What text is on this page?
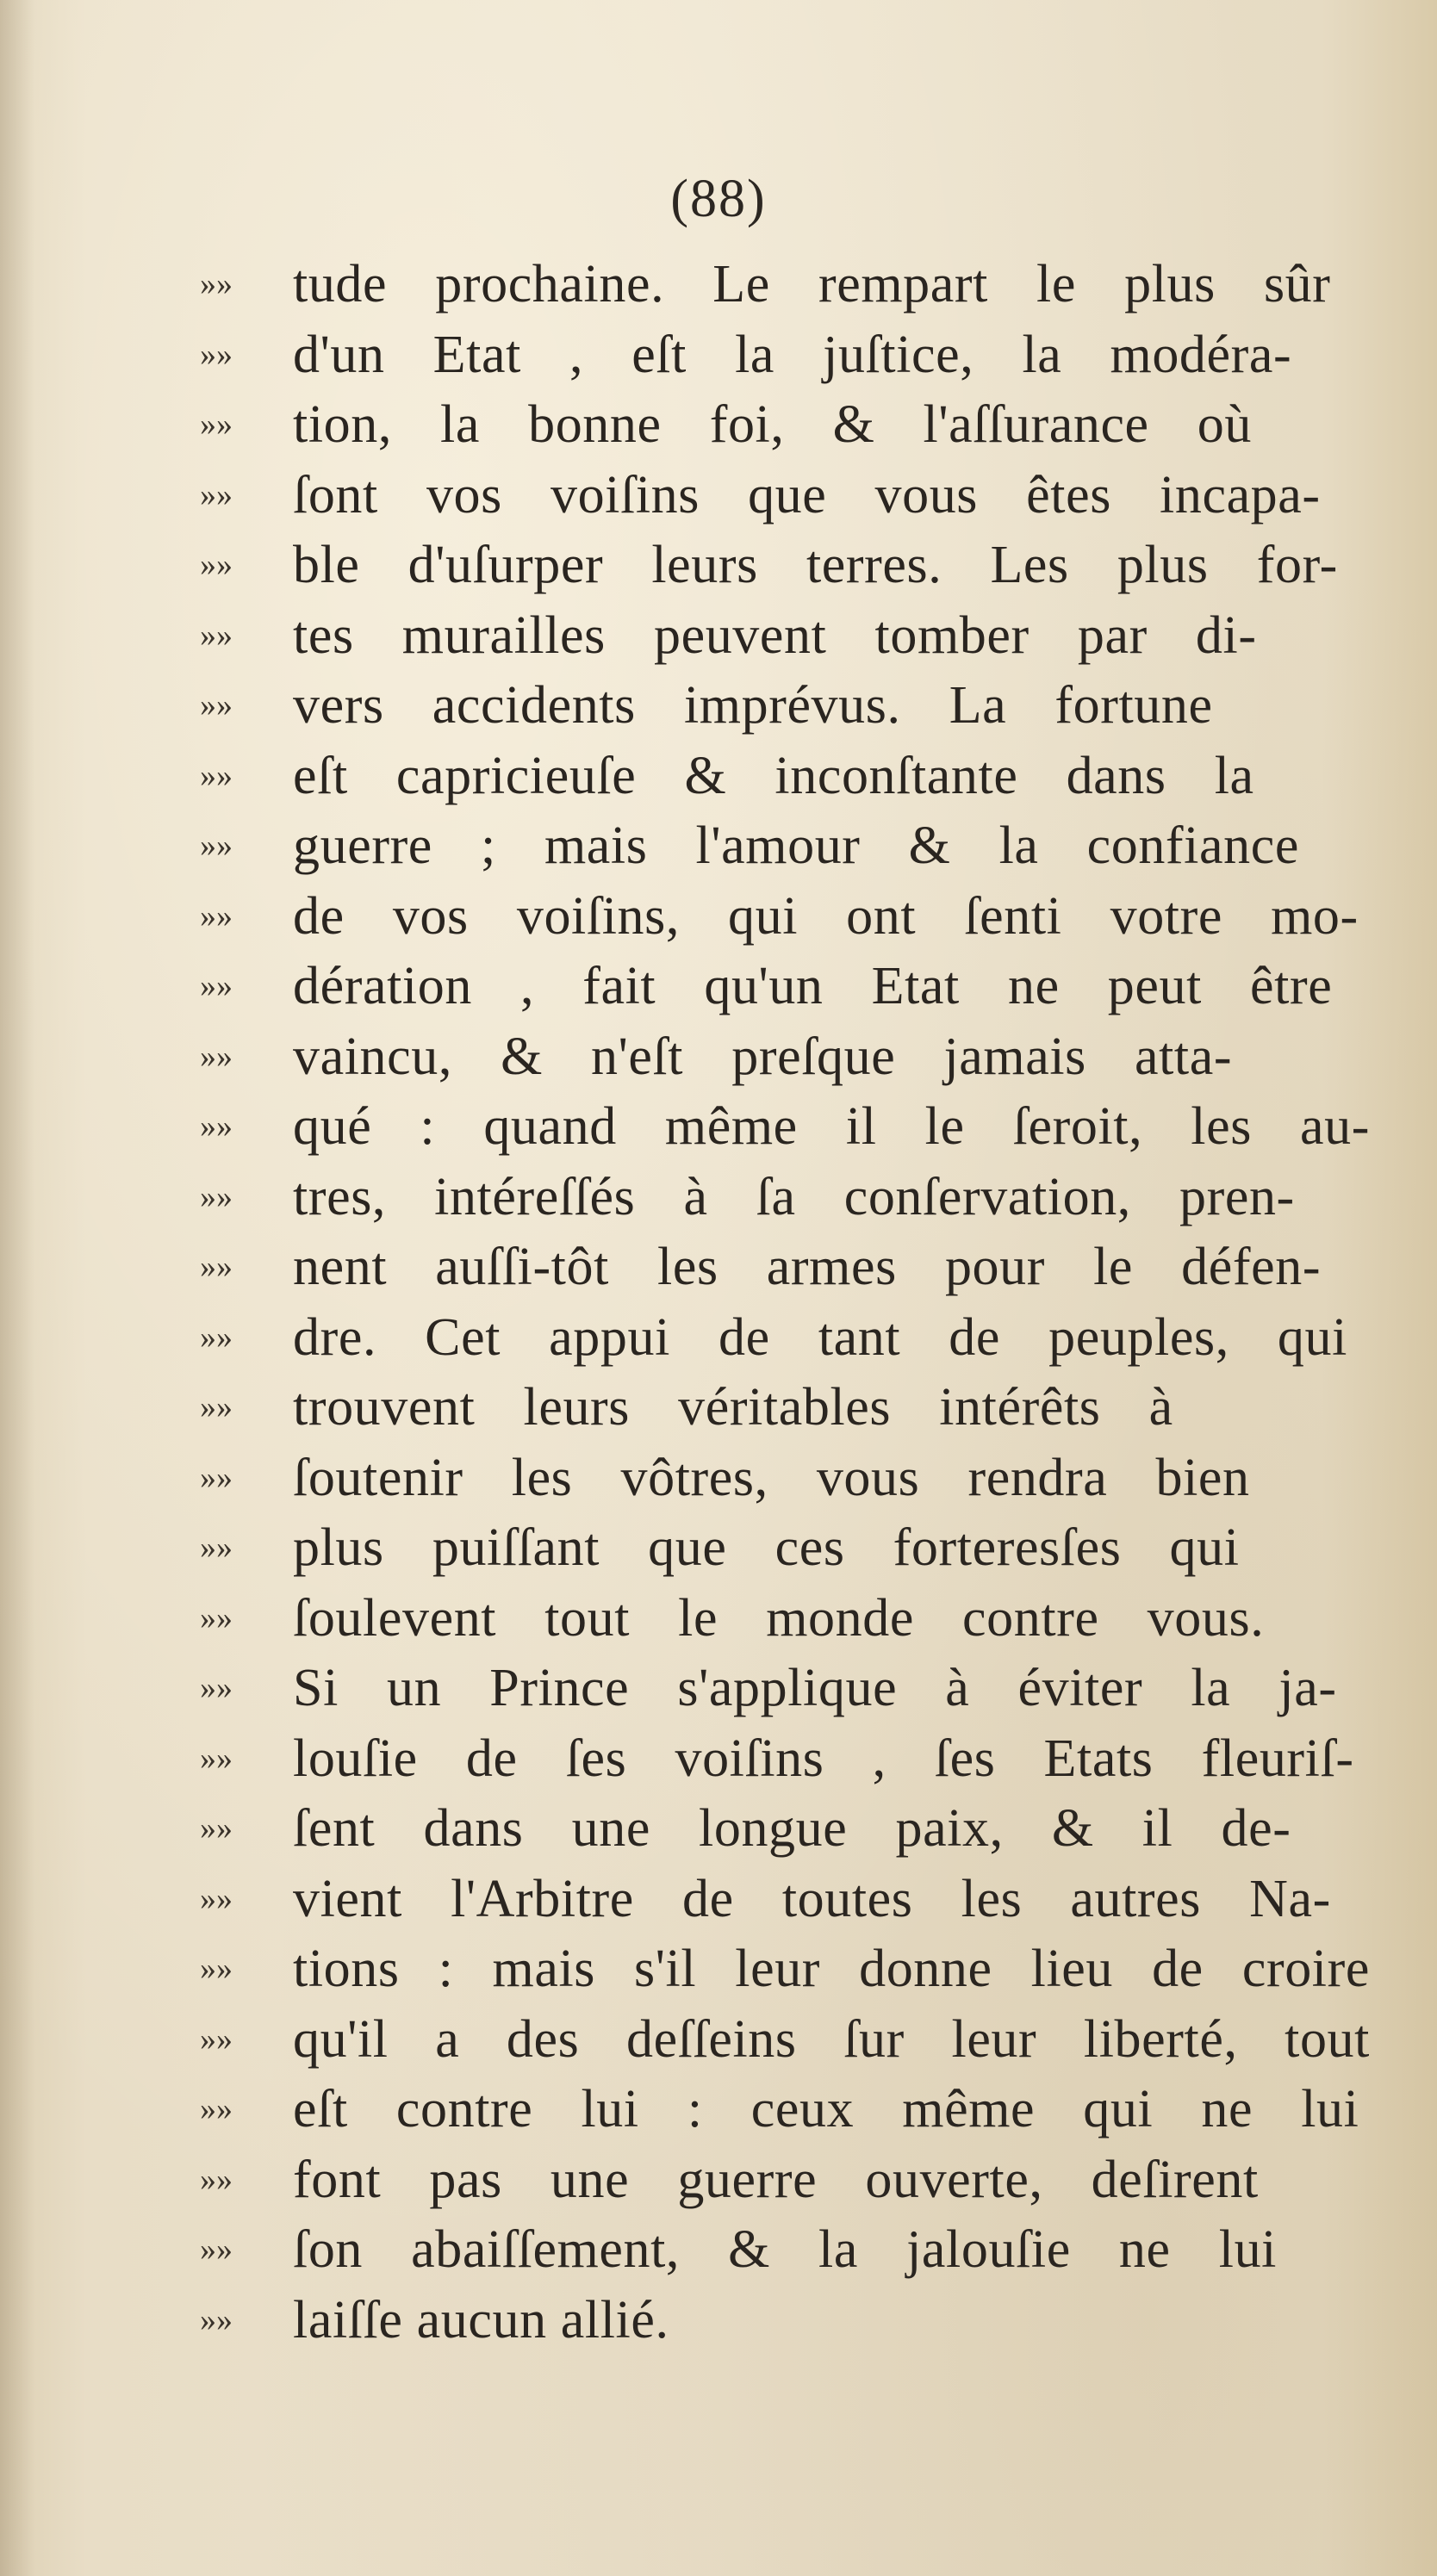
(88)
»»	tude prochaine. Le rempart le plus sûr
»»	d'un Etat , eſt la juſtice, la modéra-
»»	tion, la bonne foi, & l'aſſurance où
»»	ſont vos voiſins que vous êtes incapa-
»»	ble d'uſurper leurs terres. Les plus for-
»»	tes murailles peuvent tomber par di-
»»	vers accidents imprévus. La fortune
»»	eſt capricieuſe & inconſtante dans la
»»	guerre ; mais l'amour & la confiance
»»	de vos voiſins, qui ont ſenti votre mo-
»»	dération , fait qu'un Etat ne peut être
»»	vaincu, & n'eſt preſque jamais atta-
»»	qué : quand même il le ſeroit, les au-
»»	tres, intéreſſés à ſa conſervation, pren-
»»	nent auſſi-tôt les armes pour le défen-
»»	dre. Cet appui de tant de peuples, qui
»»	trouvent leurs véritables intérêts à
»»	ſoutenir les vôtres, vous rendra bien
»»	plus puiſſant que ces forteresſes qui
»»	ſoulevent tout le monde contre vous.
»»	Si un Prince s'applique à éviter la ja-
»»	louſie de ſes voiſins , ſes Etats fleuriſ-
»»	ſent dans une longue paix, & il de-
»»	vient l'Arbitre de toutes les autres Na-
»»	tions : mais s'il leur donne lieu de croire
»»	qu'il a des deſſeins ſur leur liberté, tout
»»	eſt contre lui : ceux même qui ne lui
»»	font pas une guerre ouverte, deſirent
»»	ſon abaiſſement, & la jalouſie ne lui
»»	laiſſe aucun allié.
